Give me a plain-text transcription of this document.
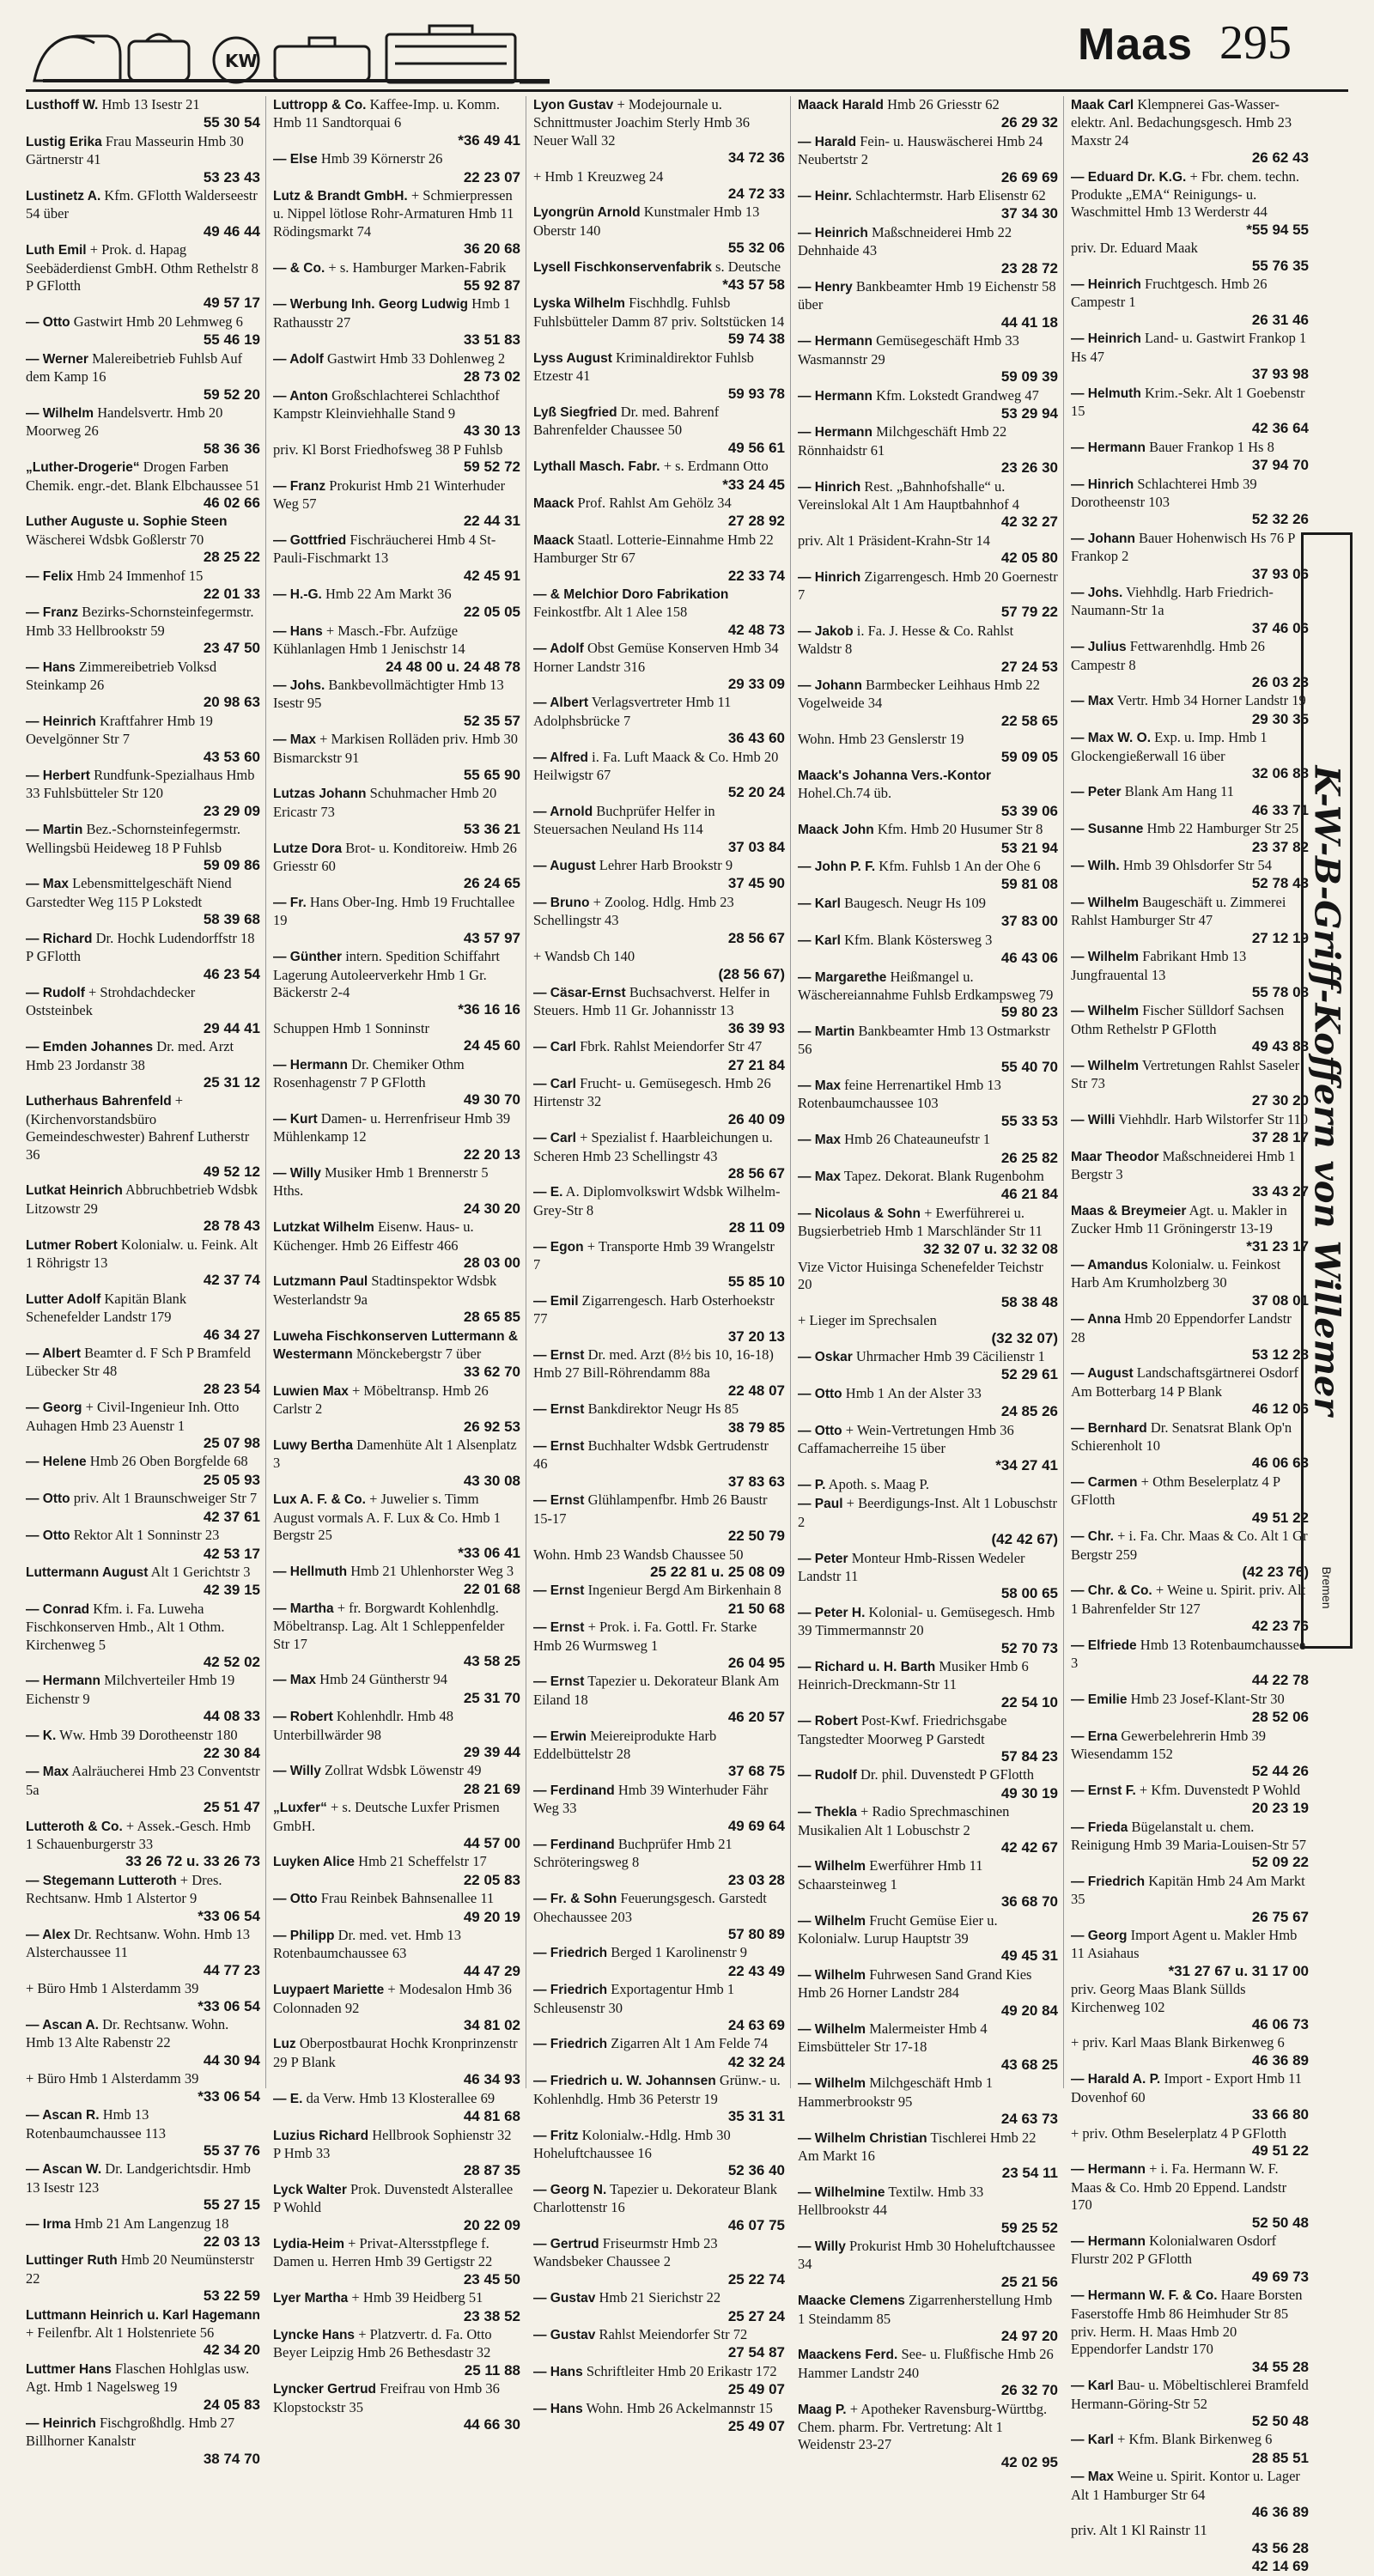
KW	Maas 295
Lusthoff W. Hmb 13 Isestr 21
55 30 54
Lustig Erika Frau Masseurin Hmb 30 Gärtnerstr 41
53 23 43
Lustinetz A. Kfm. GFlotth Walderseestr 54 über
49 46 44
Luth Emil + Prok. d. Hapag Seebäderdienst GmbH. Othm Rethelstr 8 P GFlotth
49 57 17
— Otto Gastwirt Hmb 20 Lehmweg 6
55 46 19
— Werner Malereibetrieb Fuhlsb Auf dem Kamp 16
59 52 20
— Wilhelm Handelsvertr. Hmb 20 Moorweg 26
58 36 36
„Luther-Drogerie“ Drogen Farben Chemik. engr.-det. Blank Elbchaussee 51
46 02 66
Luther Auguste u. Sophie Steen Wäscherei Wdsbk Goßlerstr 70
28 25 22
— Felix Hmb 24 Immenhof 15
22 01 33
— Franz Bezirks-Schornsteinfegermstr. Hmb 33 Hellbrookstr 59
23 47 50
— Hans Zimmereibetrieb Volksd Steinkamp 26
20 98 63
— Heinrich Kraftfahrer Hmb 19 Oevelgönner Str 7
43 53 60
— Herbert Rundfunk-Spezialhaus Hmb 33 Fuhlsbütteler Str 120
23 29 09
— Martin Bez.-Schornsteinfegermstr. Wellingsbü Heideweg 18 P Fuhlsb
59 09 86
— Max Lebensmittelgeschäft Niend Garstedter Weg 115 P Lokstedt
58 39 68
— Richard Dr. Hochk Ludendorffstr 18 P GFlotth
46 23 54
— Rudolf + Strohdachdecker Oststeinbek
29 44 41
— Emden Johannes Dr. med. Arzt Hmb 23 Jordanstr 38
25 31 12
Lutherhaus Bahrenfeld + (Kirchenvorstandsbüro Gemeindeschwester) Bahrenf Lutherstr 36
49 52 12
Lutkat Heinrich Abbruchbetrieb Wdsbk Litzowstr 29
28 78 43
Lutmer Robert Kolonialw. u. Feink. Alt 1 Röhrigstr 13
42 37 74
Lutter Adolf Kapitän Blank Schenefelder Landstr 179
46 34 27
— Albert Beamter d. F Sch P Bramfeld Lübecker Str 48
28 23 54
— Georg + Civil-Ingenieur Inh. Otto Auhagen Hmb 23 Auenstr 1
25 07 98
— Helene Hmb 26 Oben Borgfelde 68
25 05 93
— Otto priv. Alt 1 Braunschweiger Str 7
42 37 61
— Otto Rektor Alt 1 Sonninstr 23
42 53 17
Luttermann August Alt 1 Gerichtstr 3
42 39 15
— Conrad Kfm. i. Fa. Luweha Fischkonserven Hmb., Alt 1 Othm. Kirchenweg 5
42 52 02
— Hermann Milchverteiler Hmb 19 Eichenstr 9
44 08 33
— K. Ww. Hmb 39 Dorotheenstr 180
22 30 84
— Max Aalräucherei Hmb 23 Conventstr 5a
25 51 47
Lutteroth & Co. + Assek.-Gesch. Hmb 1 Schauenburgerstr 33
33 26 72 u. 33 26 73
— Stegemann Lutteroth + Dres. Rechtsanw. Hmb 1 Alstertor 9
*33 06 54
— Alex Dr. Rechtsanw. Wohn. Hmb 13 Alsterchaussee 11
44 77 23
+ Büro Hmb 1 Alsterdamm 39
*33 06 54
— Ascan A. Dr. Rechtsanw. Wohn. Hmb 13 Alte Rabenstr 22
44 30 94
+ Büro Hmb 1 Alsterdamm 39
*33 06 54
— Ascan R. Hmb 13 Rotenbaumchaussee 113
55 37 76
— Ascan W. Dr. Landgerichtsdir. Hmb 13 Isestr 123
55 27 15
— Irma Hmb 21 Am Langenzug 18
22 03 13
Luttinger Ruth Hmb 20 Neumünsterstr 22
53 22 59
Luttmann Heinrich u. Karl Hagemann + Feilenfbr. Alt 1 Holstenriete 56
42 34 20
Luttmer Hans Flaschen Hohlglas usw. Agt. Hmb 1 Nagelsweg 19
24 05 83
— Heinrich Fischgroßhdlg. Hmb 27 Billhorner Kanalstr
38 74 70
Luttropp & Co. Kaffee-Imp. u. Komm. Hmb 11 Sandtorquai 6
*36 49 41
— Else Hmb 39 Körnerstr 26
22 23 07
Lutz & Brandt GmbH. + Schmierpressen u. Nippel lötlose Rohr-Armaturen Hmb 11 Rödingsmarkt 74
36 20 68
— & Co. + s. Hamburger Marken-Fabrik
55 92 87
— Werbung Inh. Georg Ludwig Hmb 1 Rathausstr 27
33 51 83
— Adolf Gastwirt Hmb 33 Dohlenweg 2
28 73 02
— Anton Großschlachterei Schlachthof Kampstr Kleinviehhalle Stand 9
43 30 13
priv. Kl Borst Friedhofsweg 38 P Fuhlsb
59 52 72
— Franz Prokurist Hmb 21 Winterhuder Weg 57
22 44 31
— Gottfried Fischräucherei Hmb 4 St-Pauli-Fischmarkt 13
42 45 91
— H.-G. Hmb 22 Am Markt 36
22 05 05
— Hans + Masch.-Fbr. Aufzüge Kühlanlagen Hmb 1 Jenischstr 14
24 48 00 u. 24 48 78
— Johs. Bankbevollmächtigter Hmb 13 Isestr 95
52 35 57
— Max + Markisen Rolläden priv. Hmb 30 Bismarckstr 91
55 65 90
Lutzas Johann Schuhmacher Hmb 20 Ericastr 73
53 36 21
Lutze Dora Brot- u. Konditoreiw. Hmb 26 Griesstr 60
26 24 65
— Fr. Hans Ober-Ing. Hmb 19 Fruchtallee 19
43 57 97
— Günther intern. Spedition Schiffahrt Lagerung Autoleerverkehr Hmb 1 Gr. Bäckerstr 2-4
*36 16 16
Schuppen Hmb 1 Sonninstr
24 45 60
— Hermann Dr. Chemiker Othm Rosenhagenstr 7 P GFlotth
49 30 70
— Kurt Damen- u. Herrenfriseur Hmb 39 Mühlenkamp 12
22 20 13
— Willy Musiker Hmb 1 Brennerstr 5 Hths.
24 30 20
Lutzkat Wilhelm Eisenw. Haus- u. Küchenger. Hmb 26 Eiffestr 466
28 03 00
Lutzmann Paul Stadtinspektor Wdsbk Westerlandstr 9a
28 65 85
Luweha Fischkonserven Luttermann & Westermann Mönckebergstr 7 über
33 62 70
Luwien Max + Möbeltransp. Hmb 26 Carlstr 2
26 92 53
Luwy Bertha Damenhüte Alt 1 Alsenplatz 3
43 30 08
Lux A. F. & Co. + Juwelier s. Timm August vormals A. F. Lux & Co. Hmb 1 Bergstr 25
*33 06 41
— Hellmuth Hmb 21 Uhlenhorster Weg 3
22 01 68
— Martha + fr. Borgwardt Kohlenhdlg. Möbeltransp. Lag. Alt 1 Schleppenfelder Str 17
43 58 25
— Max Hmb 24 Güntherstr 94
25 31 70
— Robert Kohlenhdlr. Hmb 48 Unterbillwärder 98
29 39 44
— Willy Zollrat Wdsbk Löwenstr 49
28 21 69
„Luxfer“ + s. Deutsche Luxfer Prismen GmbH.
44 57 00
Luyken Alice Hmb 21 Scheffelstr 17
22 05 83
— Otto Frau Reinbek Bahnsenallee 11
49 20 19
— Philipp Dr. med. vet. Hmb 13 Rotenbaumchaussee 63
44 47 29
Luypaert Mariette + Modesalon Hmb 36 Colonnaden 92
34 81 02
Luz Oberpostbaurat Hochk Kronprinzenstr 29 P Blank
46 34 93
— E. da Verw. Hmb 13 Klosterallee 69
44 81 68
Luzius Richard Hellbrook Sophienstr 32 P Hmb 33
28 87 35
Lyck Walter Prok. Duvenstedt Alsterallee P Wohld
20 22 09
Lydia-Heim + Privat-Altersstpflege f. Damen u. Herren Hmb 39 Gertigstr 22
23 45 50
Lyer Martha + Hmb 39 Heidberg 51
23 38 52
Lyncke Hans + Platzvertr. d. Fa. Otto Beyer Leipzig Hmb 26 Bethesdastr 32
25 11 88
Lyncker Gertrud Freifrau von Hmb 36 Klopstockstr 35
44 66 30
Lyon Gustav + Modejournale u. Schnittmuster Joachim Sterly Hmb 36 Neuer Wall 32
34 72 36
+ Hmb 1 Kreuzweg 24
24 72 33
Lyongrün Arnold Kunstmaler Hmb 13 Oberstr 140
55 32 06
Lysell Fischkonservenfabrik s. Deutsche
*43 57 58
Lyska Wilhelm Fischhdlg. Fuhlsb Fuhlsbütteler Damm 87 priv. Soltstücken 14
59 74 38
Lyss August Kriminaldirektor Fuhlsb Etzestr 41
59 93 78
Lyß Siegfried Dr. med. Bahrenf Bahrenfelder Chaussee 50
49 56 61
Lythall Masch. Fabr. + s. Erdmann Otto
*33 24 45
Maack Prof. Rahlst Am Gehölz 34
27 28 92
Maack Staatl. Lotterie-Einnahme Hmb 22 Hamburger Str 67
22 33 74
— & Melchior Doro Fabrikation Feinkostfbr. Alt 1 Alee 158
42 48 73
— Adolf Obst Gemüse Konserven Hmb 34 Horner Landstr 316
29 33 09
— Albert Verlagsvertreter Hmb 11 Adolphsbrücke 7
36 43 60
— Alfred i. Fa. Luft Maack & Co. Hmb 20 Heilwigstr 67
52 20 24
— Arnold Buchprüfer Helfer in Steuersachen Neuland Hs 114
37 03 84
— August Lehrer Harb Brookstr 9
37 45 90
— Bruno + Zoolog. Hdlg. Hmb 23 Schellingstr 43
28 56 67
+ Wandsb Ch 140
(28 56 67)
— Cäsar-Ernst Buchsachverst. Helfer in Steuers. Hmb 11 Gr. Johannisstr 13
36 39 93
— Carl Fbrk. Rahlst Meiendorfer Str 47
27 21 84
— Carl Frucht- u. Gemüsegesch. Hmb 26 Hirtenstr 32
26 40 09
— Carl + Spezialist f. Haarbleichungen u. Scheren Hmb 23 Schellingstr 43
28 56 67
— E. A. Diplomvolkswirt Wdsbk Wilhelm-Grey-Str 8
28 11 09
— Egon + Transporte Hmb 39 Wrangelstr 7
55 85 10
— Emil Zigarrengesch. Harb Osterhoekstr 77
37 20 13
— Ernst Dr. med. Arzt (8½ bis 10, 16-18) Hmb 27 Bill-Röhrendamm 88a
22 48 07
— Ernst Bankdirektor Neugr Hs 85
38 79 85
— Ernst Buchhalter Wdsbk Gertrudenstr 46
37 83 63
— Ernst Glühlampenfbr. Hmb 26 Baustr 15-17
22 50 79
Wohn. Hmb 23 Wandsb Chaussee 50
25 22 81 u. 25 08 09
— Ernst Ingenieur Bergd Am Birkenhain 8
21 50 68
— Ernst + Prok. i. Fa. Gottl. Fr. Starke Hmb 26 Wurmsweg 1
26 04 95
— Ernst Tapezier u. Dekorateur Blank Am Eiland 18
46 20 57
— Erwin Meiereiprodukte Harb Eddelbüttelstr 28
37 68 75
— Ferdinand Hmb 39 Winterhuder Fähr Weg 33
49 69 64
— Ferdinand Buchprüfer Hmb 21 Schröteringsweg 8
23 03 28
— Fr. & Sohn Feuerungsgesch. Garstedt Ohechaussee 203
57 80 89
— Friedrich Berged 1 Karolinenstr 9
22 43 49
— Friedrich Exportagentur Hmb 1 Schleusenstr 30
24 63 69
— Friedrich Zigarren Alt 1 Am Felde 74
42 32 24
— Friedrich u. W. Johannsen Grünw.- u. Kohlenhdlg. Hmb 36 Peterstr 19
35 31 31
— Fritz Kolonialw.-Hdlg. Hmb 30 Hoheluftchaussee 16
52 36 40
— Georg N. Tapezier u. Dekorateur Blank Charlottenstr 16
46 07 75
— Gertrud Friseurmstr Hmb 23 Wandsbeker Chaussee 2
25 22 74
— Gustav Hmb 21 Sierichstr 22
25 27 24
— Gustav Rahlst Meiendorfer Str 72
27 54 87
— Hans Schriftleiter Hmb 20 Erikastr 172
25 49 07
— Hans Wohn. Hmb 26 Ackelmannstr 15
25 49 07
Maack Harald Hmb 26 Griesstr 62
26 29 32
— Harald Fein- u. Hauswäscherei Hmb 24 Neubertstr 2
26 69 69
— Heinr. Schlachtermstr. Harb Elisenstr 62
37 34 30
— Heinrich Maßschneiderei Hmb 22 Dehnhaide 43
23 28 72
— Henry Bankbeamter Hmb 19 Eichenstr 58 über
44 41 18
— Hermann Gemüsegeschäft Hmb 33 Wasmannstr 29
59 09 39
— Hermann Kfm. Lokstedt Grandweg 47
53 29 94
— Hermann Milchgeschäft Hmb 22 Rönnhaidstr 61
23 26 30
— Hinrich Rest. „Bahnhofshalle“ u. Vereinslokal Alt 1 Am Hauptbahnhof 4
42 32 27
priv. Alt 1 Präsident-Krahn-Str 14
42 05 80
— Hinrich Zigarrengesch. Hmb 20 Goernestr 7
57 79 22
— Jakob i. Fa. J. Hesse & Co. Rahlst Waldstr 8
27 24 53
— Johann Barmbecker Leihhaus Hmb 22 Vogelweide 34
22 58 65
Wohn. Hmb 23 Genslerstr 19
59 09 05
Maack's Johanna Vers.-Kontor Hohel.Ch.74 üb.
53 39 06
Maack John Kfm. Hmb 20 Husumer Str 8
53 21 94
— John P. F. Kfm. Fuhlsb 1 An der Ohe 6
59 81 08
— Karl Baugesch. Neugr Hs 109
37 83 00
— Karl Kfm. Blank Köstersweg 3
46 43 06
— Margarethe Heißmangel u. Wäschereiannahme Fuhlsb Erdkampsweg 79
59 80 23
— Martin Bankbeamter Hmb 13 Ostmarkstr 56
55 40 70
— Max feine Herrenartikel Hmb 13 Rotenbaumchaussee 103
55 33 53
— Max Hmb 26 Chateauneufstr 1
26 25 82
— Max Tapez. Dekorat. Blank Rugenbohm
46 21 84
— Nicolaus & Sohn + Ewerführerei u. Bugsierbetrieb Hmb 1 Marschländer Str 11
32 32 07 u. 32 32 08
Vize Victor Huisinga Schenefelder Teichstr 20
58 38 48
+ Lieger im Sprechsalen
(32 32 07)
— Oskar Uhrmacher Hmb 39 Cäcilienstr 1
52 29 61
— Otto Hmb 1 An der Alster 33
24 85 26
— Otto + Wein-Vertretungen Hmb 36 Caffamacherreihe 15 über
*34 27 41
— P. Apoth. s. Maag P.
— Paul + Beerdigungs-Inst. Alt 1 Lobuschstr 2
(42 42 67)
— Peter Monteur Hmb-Rissen Wedeler Landstr 11
58 00 65
— Peter H. Kolonial- u. Gemüsegesch. Hmb 39 Timmermannstr 20
52 70 73
— Richard u. H. Barth Musiker Hmb 6 Heinrich-Dreckmann-Str 11
22 54 10
— Robert Post-Kwf. Friedrichsgabe Tangstedter Moorweg P Garstedt
57 84 23
— Rudolf Dr. phil. Duvenstedt P GFlotth
49 30 19
— Thekla + Radio Sprechmaschinen Musikalien Alt 1 Lobuschstr 2
42 42 67
— Wilhelm Ewerführer Hmb 11 Schaarsteinweg 1
36 68 70
— Wilhelm Frucht Gemüse Eier u. Kolonialw. Lurup Hauptstr 39
49 45 31
— Wilhelm Fuhrwesen Sand Grand Kies Hmb 26 Horner Landstr 284
49 20 84
— Wilhelm Malermeister Hmb 4 Eimsbütteler Str 17-18
43 68 25
— Wilhelm Milchgeschäft Hmb 1 Hammerbrookstr 95
24 63 73
— Wilhelm Christian Tischlerei Hmb 22 Am Markt 16
23 54 11
— Wilhelmine Textilw. Hmb 33 Hellbrookstr 44
59 25 52
— Willy Prokurist Hmb 30 Hoheluftchaussee 34
25 21 56
Maacke Clemens Zigarrenherstellung Hmb 1 Steindamm 85
24 97 20
Maackens Ferd. See- u. Flußfische Hmb 26 Hammer Landstr 240
26 32 70
Maag P. + Apotheker Ravensburg-Württbg. Chem. pharm. Fbr. Vertretung: Alt 1 Weidenstr 23-27
42 02 95
Maak Carl Klempnerei Gas-Wasser-elektr. Anl. Bedachungsgesch. Hmb 23 Maxstr 24
26 62 43
— Eduard Dr. K.G. + Fbr. chem. techn. Produkte „EMA“ Reinigungs- u. Waschmittel Hmb 13 Werderstr 44
*55 94 55
priv. Dr. Eduard Maak
55 76 35
— Heinrich Fruchtgesch. Hmb 26 Campestr 1
26 31 46
— Heinrich Land- u. Gastwirt Frankop 1 Hs 47
37 93 98
— Helmuth Krim.-Sekr. Alt 1 Goebenstr 15
42 36 64
— Hermann Bauer Frankop 1 Hs 8
37 94 70
— Hinrich Schlachterei Hmb 39 Dorotheenstr 103
52 32 26
— Johann Bauer Hohenwisch Hs 76 P Frankop 2
37 93 06
— Johs. Viehhdlg. Harb Friedrich-Naumann-Str 1a
37 46 06
— Julius Fettwarenhdlg. Hmb 26 Campestr 8
26 03 23
— Max Vertr. Hmb 34 Horner Landstr 19
29 30 35
— Max W. O. Exp. u. Imp. Hmb 1 Glockengießerwall 16 über
32 06 88
— Peter Blank Am Hang 11
46 33 71
— Susanne Hmb 22 Hamburger Str 25
23 37 82
— Wilh. Hmb 39 Ohlsdorfer Str 54
52 78 43
— Wilhelm Baugeschäft u. Zimmerei Rahlst Hamburger Str 47
27 12 19
— Wilhelm Fabrikant Hmb 13 Jungfrauental 13
55 78 08
— Wilhelm Fischer Sülldorf Sachsen Othm Rethelstr P GFlotth
49 43 88
— Wilhelm Vertretungen Rahlst Saseler Str 73
27 30 20
— Willi Viehhdlr. Harb Wilstorfer Str 110
37 28 17
Maar Theodor Maßschneiderei Hmb 1 Bergstr 3
33 43 27
Maas & Breymeier Agt. u. Makler in Zucker Hmb 11 Gröningerstr 13-19
*31 23 17
— Amandus Kolonialw. u. Feinkost Harb Am Krumholzberg 30
37 08 01
— Anna Hmb 20 Eppendorfer Landstr 28
53 12 28
— August Landschaftsgärtnerei Osdorf Am Botterbarg 14 P Blank
46 12 06
— Bernhard Dr. Senatsrat Blank Op'n Schierenholt 10
46 06 63
— Carmen + Othm Beselerplatz 4 P GFlotth
49 51 22
— Chr. + i. Fa. Chr. Maas & Co. Alt 1 Gr Bergstr 259
(42 23 76)
— Chr. & Co. + Weine u. Spirit. priv. Alt 1 Bahrenfelder Str 127
42 23 76
— Elfriede Hmb 13 Rotenbaumchaussee 3
44 22 78
— Emilie Hmb 23 Josef-Klant-Str 30
28 52 06
— Erna Gewerbelehrerin Hmb 39 Wiesendamm 152
52 44 26
— Ernst F. + Kfm. Duvenstedt P Wohld
20 23 19
— Frieda Bügelanstalt u. chem. Reinigung Hmb 39 Maria-Louisen-Str 57
52 09 22
— Friedrich Kapitän Hmb 24 Am Markt 35
26 75 67
— Georg Import Agent u. Makler Hmb 11 Asiahaus
*31 27 67 u. 31 17 00
priv. Georg Maas Blank Süllds Kirchenweg 102
46 06 73
+ priv. Karl Maas Blank Birkenweg 6
46 36 89
— Harald A. P. Import - Export Hmb 11 Dovenhof 60
33 66 80
+ priv. Othm Beselerplatz 4 P GFlotth
49 51 22
— Hermann + i. Fa. Hermann W. F. Maas & Co. Hmb 20 Eppend. Landstr 170
52 50 48
— Hermann Kolonialwaren Osdorf Flurstr 202 P GFlotth
49 69 73
— Hermann W. F. & Co. Haare Borsten Faserstoffe Hmb 86 Heimhuder Str 85
priv. Herm. H. Maas Hmb 20 Eppendorfer Landstr 170
34 55 28
— Karl Bau- u. Möbeltischlerei Bramfeld Hermann-Göring-Str 52
52 50 48
— Karl + Kfm. Blank Birkenweg 6
28 85 51
— Max Weine u. Spirit. Kontor u. Lager Alt 1 Hamburger Str 64
46 36 89
priv. Alt 1 Kl Rainstr 11
43 56 28
42 14 69
K-W-B-Griff-Koffern von Willemer
Bremen
